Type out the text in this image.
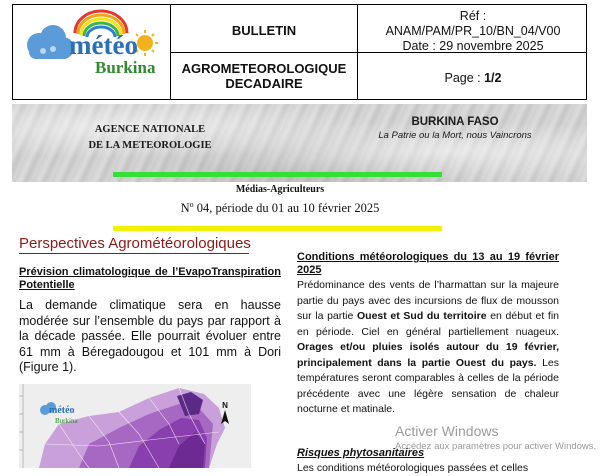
météo
Burkina
BULLETIN
AGROMETEOROLOGIQUE
DECADAIRE
Réf :
ANAM/PAM/PR_10/BN_04/V00
Date : 29 novembre 2025
Page : 1/2
AGENCE NATIONALE
DE LA METEOROLOGIE
BURKINA FASO
La Patrie ou la Mort, nous Vaincrons
Médias-Agriculteurs
$N^o$ 04, période du 01 au 10 février 2025
Perspectives Agrométéorologiques
Prévision climatologique de l’EvapoTranspiration Potentielle
La demande climatique sera en hausse modérée sur l’ensemble du pays par rapport à la décade passée. Elle pourrait évoluer entre 61 mm à Béregadougou et 101 mm à Dori (Figure 1).
météo
Burkina
N
Conditions météorologiques du 13 au 19 février 2025
Prédominance des vents de l’harmattan sur la majeure partie du pays avec des incursions de flux de mousson sur la partie Ouest et Sud du territoire en début et fin en période. Ciel en général partiellement nuageux. Orages et/ou pluies isolés autour du 19 février, principalement dans la partie Ouest du pays. Les températures seront comparables à celles de la période précédente avec une légère sensation de chaleur nocturne et matinale.
Risques phytosanitaires
Les conditions météorologiques passées et celles
Activer Windows
Accédez aux paramètres pour activer Windows.
